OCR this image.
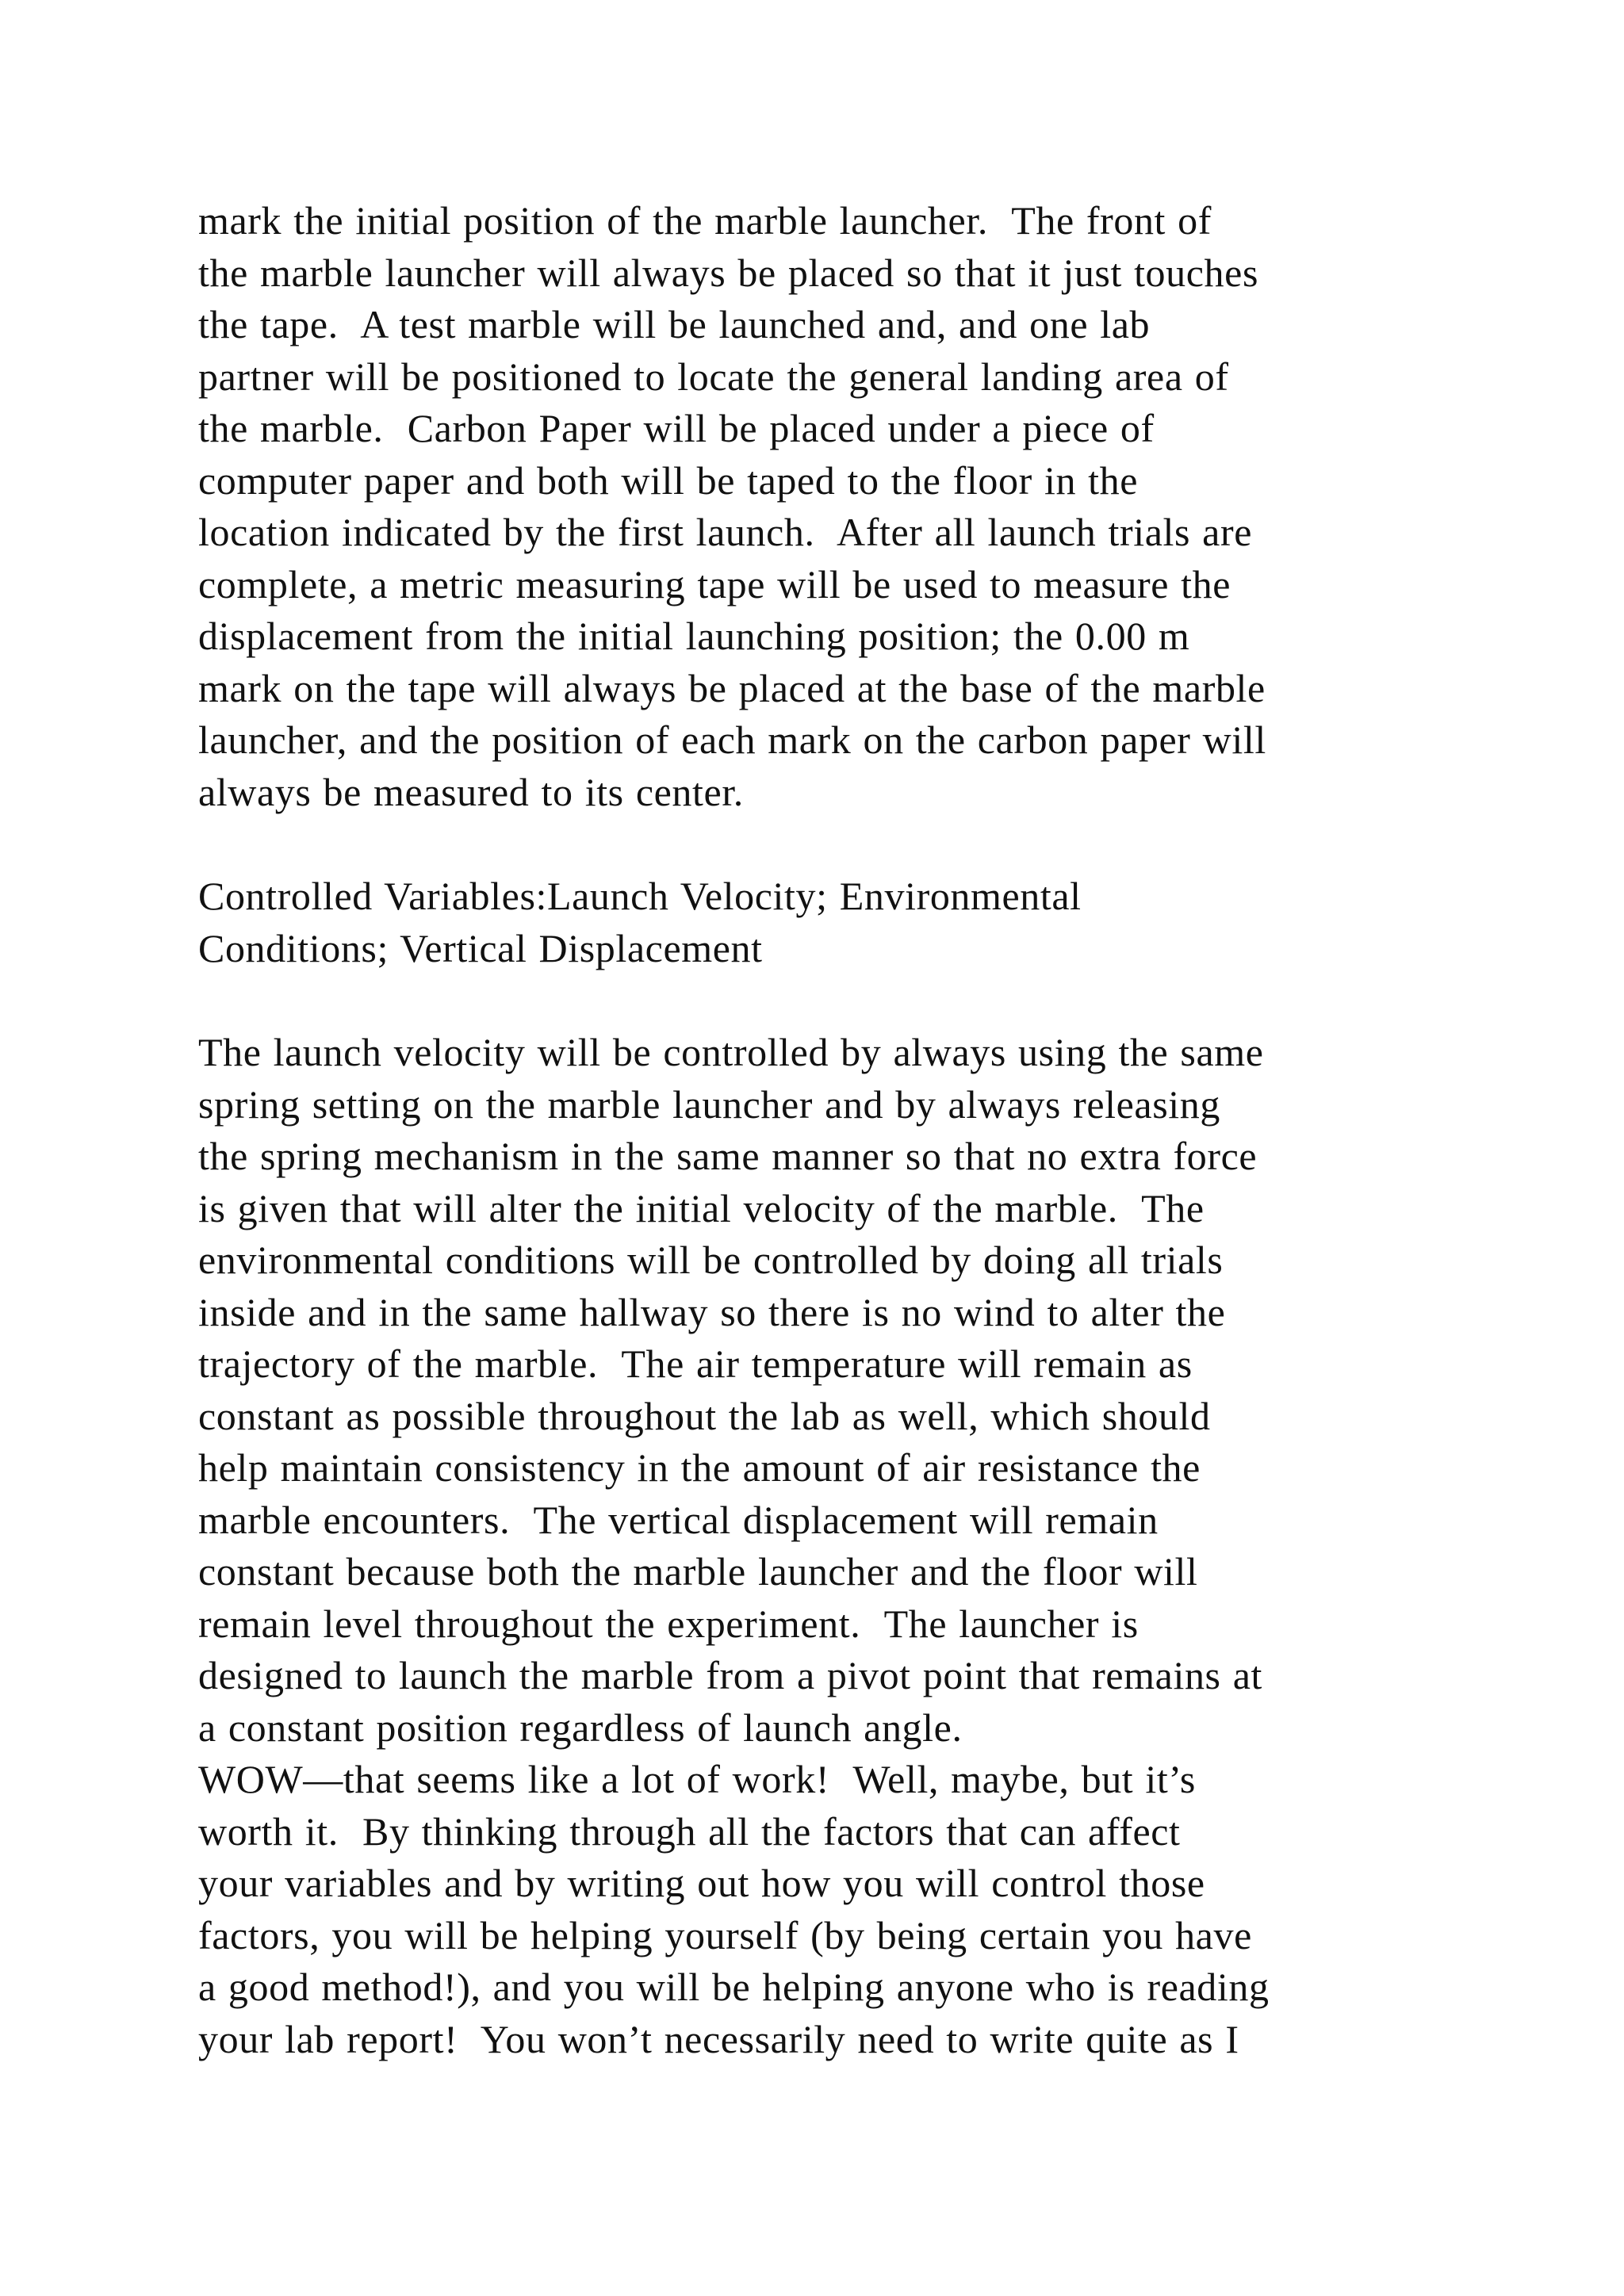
mark the initial position of the marble launcher.  The front of
the marble launcher will always be placed so that it just touches
the tape.  A test marble will be launched and, and one lab
partner will be positioned to locate the general landing area of
the marble.  Carbon Paper will be placed under a piece of
computer paper and both will be taped to the floor in the
location indicated by the first launch.  After all launch trials are
complete, a metric measuring tape will be used to measure the
displacement from the initial launching position; the 0.00 m
mark on the tape will always be placed at the base of the marble
launcher, and the position of each mark on the carbon paper will
always be measured to its center.
Controlled Variables:Launch Velocity; Environmental
Conditions; Vertical Displacement
The launch velocity will be controlled by always using the same
spring setting on the marble launcher and by always releasing
the spring mechanism in the same manner so that no extra force
is given that will alter the initial velocity of the marble.  The
environmental conditions will be controlled by doing all trials
inside and in the same hallway so there is no wind to alter the
trajectory of the marble.  The air temperature will remain as
constant as possible throughout the lab as well, which should
help maintain consistency in the amount of air resistance the
marble encounters.  The vertical displacement will remain
constant because both the marble launcher and the floor will
remain level throughout the experiment.  The launcher is
designed to launch the marble from a pivot point that remains at
a constant position regardless of launch angle.
WOW—that seems like a lot of work!  Well, maybe, but it’s
worth it.  By thinking through all the factors that can affect
your variables and by writing out how you will control those
factors, you will be helping yourself (by being certain you have
a good method!), and you will be helping anyone who is reading
your lab report!  You won’t necessarily need to write quite as I
